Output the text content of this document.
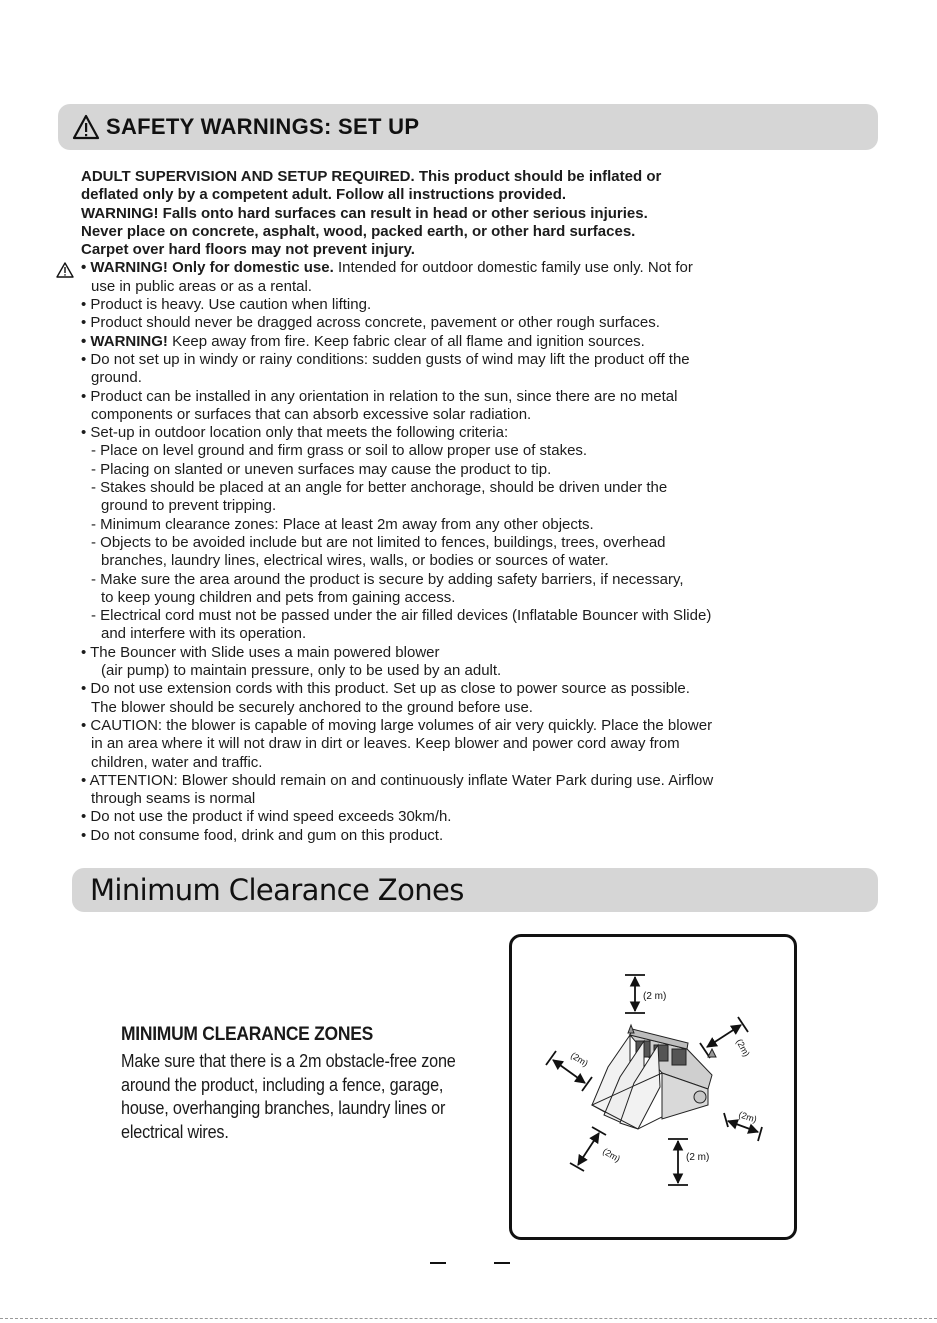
SAFETY WARNINGS: SET UP
ADULT SUPERVISION AND SETUP REQUIRED. This product should be inflated or
deflated only by a competent adult. Follow all instructions provided.
WARNING! Falls onto hard surfaces can result in head or other serious injuries.
Never place on concrete, asphalt, wood, packed earth, or other hard surfaces.
Carpet over hard floors may not prevent injury.

• WARNING! Only for domestic use. Intended for outdoor domestic family use only. Not for

use in public areas or as a rental.

• Product is heavy. Use caution when lifting.

• Product should never be dragged across concrete, pavement or other rough surfaces.

• WARNING! Keep away from fire. Keep fabric clear of all flame and ignition sources.

• Do not set up in windy or rainy conditions: sudden gusts of wind may lift the product off the

ground.

• Product can be installed in any orientation in relation to the sun, since there are no metal

components or surfaces that can absorb excessive solar radiation.

• Set-up in outdoor location only that meets the following criteria:

- Place on level ground and firm grass or soil to allow proper use of stakes.

- Placing on slanted or uneven surfaces may cause the product to tip.

- Stakes should be placed at an angle for better anchorage, should be driven under the

ground to prevent tripping.

- Minimum clearance zones: Place at least 2m away from any other objects.

- Objects to be avoided include but are not limited to fences, buildings, trees, overhead

branches, laundry lines, electrical wires, walls, or bodies or sources of water.

- Make sure the area around the product is secure by adding safety barriers, if necessary,

to keep young children and pets from gaining access.

- Electrical cord must not be passed under the air filled devices (Inflatable Bouncer with Slide)

and interfere with its operation.

• The Bouncer with Slide uses a main powered blower

(air pump) to maintain pressure, only to be used by an adult.

• Do not use extension cords with this product. Set up as close to power source as possible.

The blower should be securely anchored to the ground before use.

• CAUTION: the blower is capable of moving large volumes of air very quickly. Place the blower

in an area where it will not draw in dirt or leaves. Keep blower and power cord away from

children, water and traffic.

• ATTENTION: Blower should remain on and continuously inflate Water Park during use. Airflow

through seams is normal

• Do not use the product if wind speed exceeds 30km/h.

• Do not consume food, drink and gum on this product.

Minimum Clearance Zones
MINIMUM CLEARANCE ZONES
Make sure that there is a 2m obstacle-free zone around the product, including a fence, garage, house, overhanging branches, laundry lines or electrical wires.
(2 m)
(2 m)
(2m)
(2m)
(2m)
(2m)
